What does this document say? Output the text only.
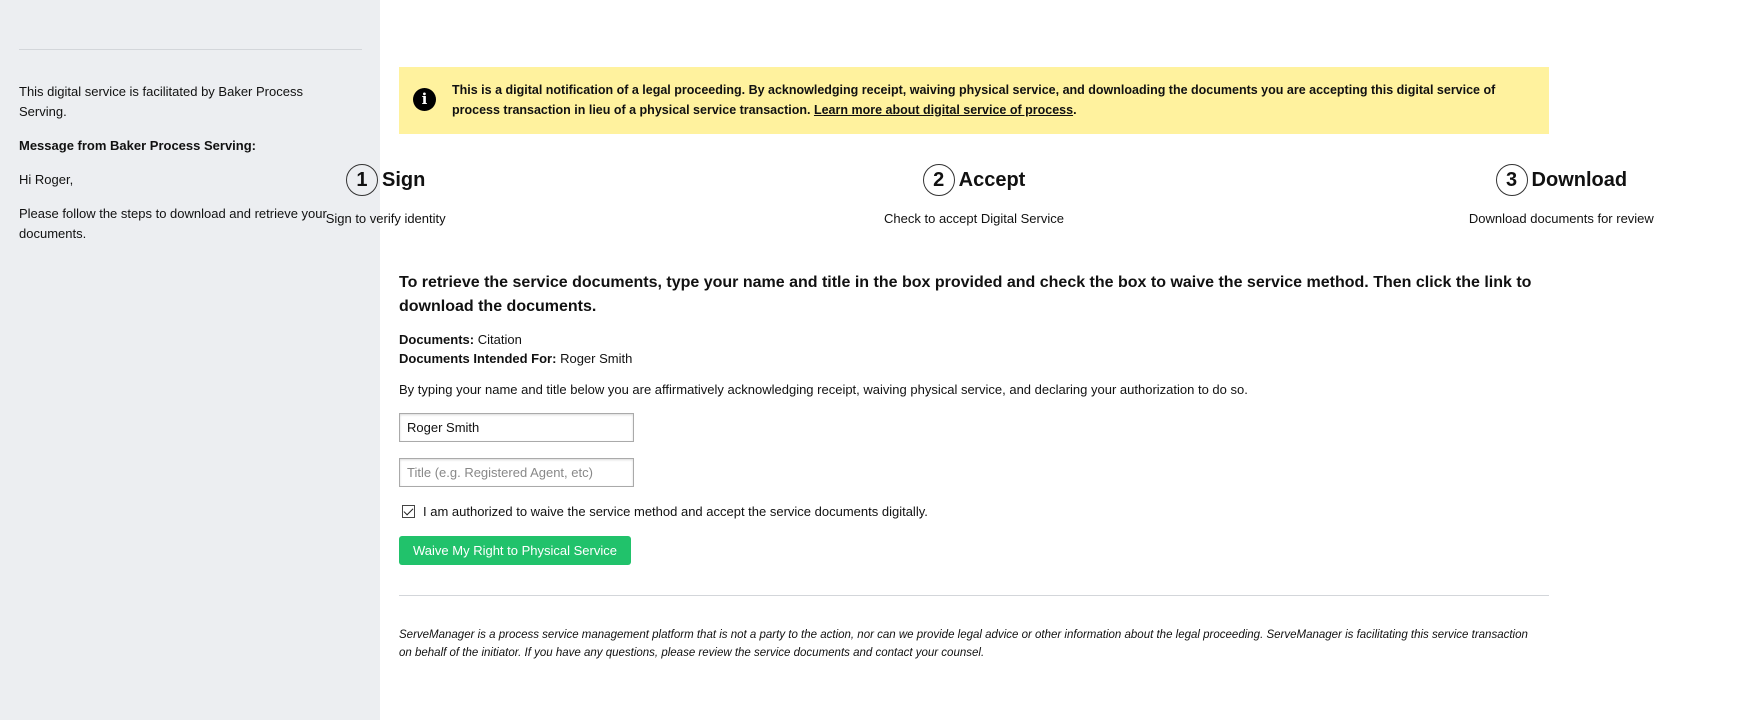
This digital service is facilitated by Baker Process Serving.

Message from Baker Process Serving:

Hi Roger,

Please follow the steps to download and retrieve your documents.

i	This is a digital notification of a legal proceeding. By acknowledging receipt, waiving physical service, and downloading the documents you are accepting this digital service of process transaction in lieu of a physical service transaction. Learn more about digital service of process.
1 Sign
Sign to verify identity
2 Accept
Check to accept Digital Service
3 Download
Download documents for review
To retrieve the service documents, type your name and title in the box provided and check the box to waive the service method. Then click the link to download the documents.
Documents: Citation
Documents Intended For: Roger Smith
By typing your name and title below you are affirmatively acknowledging receipt, waiving physical service, and declaring your authorization to do so.
Roger Smith
Title (e.g. Registered Agent, etc)
I am authorized to waive the service method and accept the service documents digitally.
Waive My Right to Physical Service

ServeManager is a process service management platform that is not a party to the action, nor can we provide legal advice or other information about the legal proceeding. ServeManager is facilitating this service transaction on behalf of the initiator. If you have any questions, please review the service documents and contact your counsel.
